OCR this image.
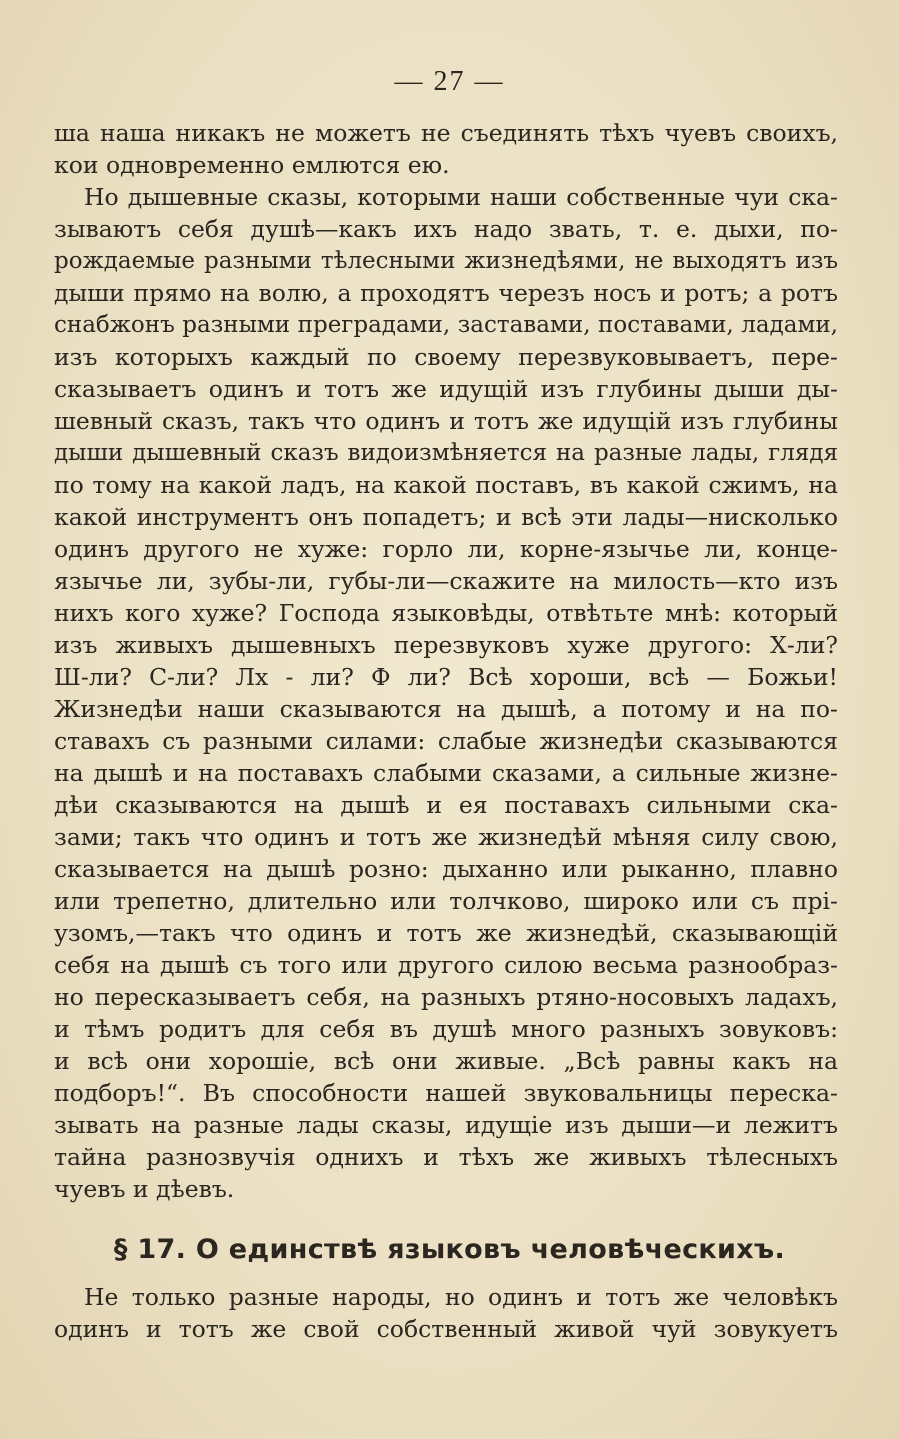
— 27 —
ша наша никакъ не можетъ не съединять тѣхъ чуевъ своихъ,
кои одновременно емлются ею.
Но дышевные сказы, которыми наши собственные чуи ска-
зываютъ себя душѣ—какъ ихъ надо звать, т. е. дыхи, по-
рождаемые разными тѣлесными жизнедѣями, не выходятъ изъ
дыши прямо на волю, а проходятъ черезъ носъ и ротъ; а ротъ
снабжонъ разными преградами, заставами, поставами, ладами,
изъ которыхъ каждый по своему перезвуковываетъ, пере-
сказываетъ одинъ и тотъ же идущій изъ глубины дыши ды-
шевный сказъ, такъ что одинъ и тотъ же идущій изъ глубины
дыши дышевный сказъ видоизмѣняется на разные лады, глядя
по тому на какой ладъ, на какой поставъ, въ какой сжимъ, на
какой инструментъ онъ попадетъ; и всѣ эти лады—нисколько
одинъ другого не хуже: горло ли, корне-язычье ли, конце-
язычье ли, зубы-ли, губы-ли—скажите на милость—кто изъ
нихъ кого хуже? Господа языковѣды, отвѣтьте мнѣ: который
изъ живыхъ дышевныхъ перезвуковъ хуже другого: Х-ли?
Ш-ли? С-ли? Лх - ли? Ф ли? Всѣ хороши, всѣ — Божьи!
Жизнедѣи наши сказываются на дышѣ, а потому и на по-
ставахъ съ разными силами: слабые жизнедѣи сказываются
на дышѣ и на поставахъ слабыми сказами, а сильные жизне-
дѣи сказываются на дышѣ и ея поставахъ сильными ска-
зами; такъ что одинъ и тотъ же жизнедѣй мѣняя силу свою,
сказывается на дышѣ розно: дыханно или рыканно, плавно
или трепетно, длительно или толчково, широко или съ прі-
узомъ,—такъ что одинъ и тотъ же жизнедѣй, сказывающій
себя на дышѣ съ того или другого силою весьма разнообраз-
но пересказываетъ себя, на разныхъ ртяно-носовыхъ ладахъ,
и тѣмъ родитъ для себя въ душѣ много разныхъ зовуковъ:
и всѣ они хорошіе, всѣ они живые. „Всѣ равны какъ на
подборъ!“. Въ способности нашей звуковальницы переска-
зывать на разные лады сказы, идущіе изъ дыши—и лежитъ
тайна разнозвучія однихъ и тѣхъ же живыхъ тѣлесныхъ
чуевъ и дѣевъ.
§ 17. О единствѣ языковъ человѣческихъ.
Не только разные народы, но одинъ и тотъ же человѣкъ
одинъ и тотъ же свой собственный живой чуй зовукуетъ
